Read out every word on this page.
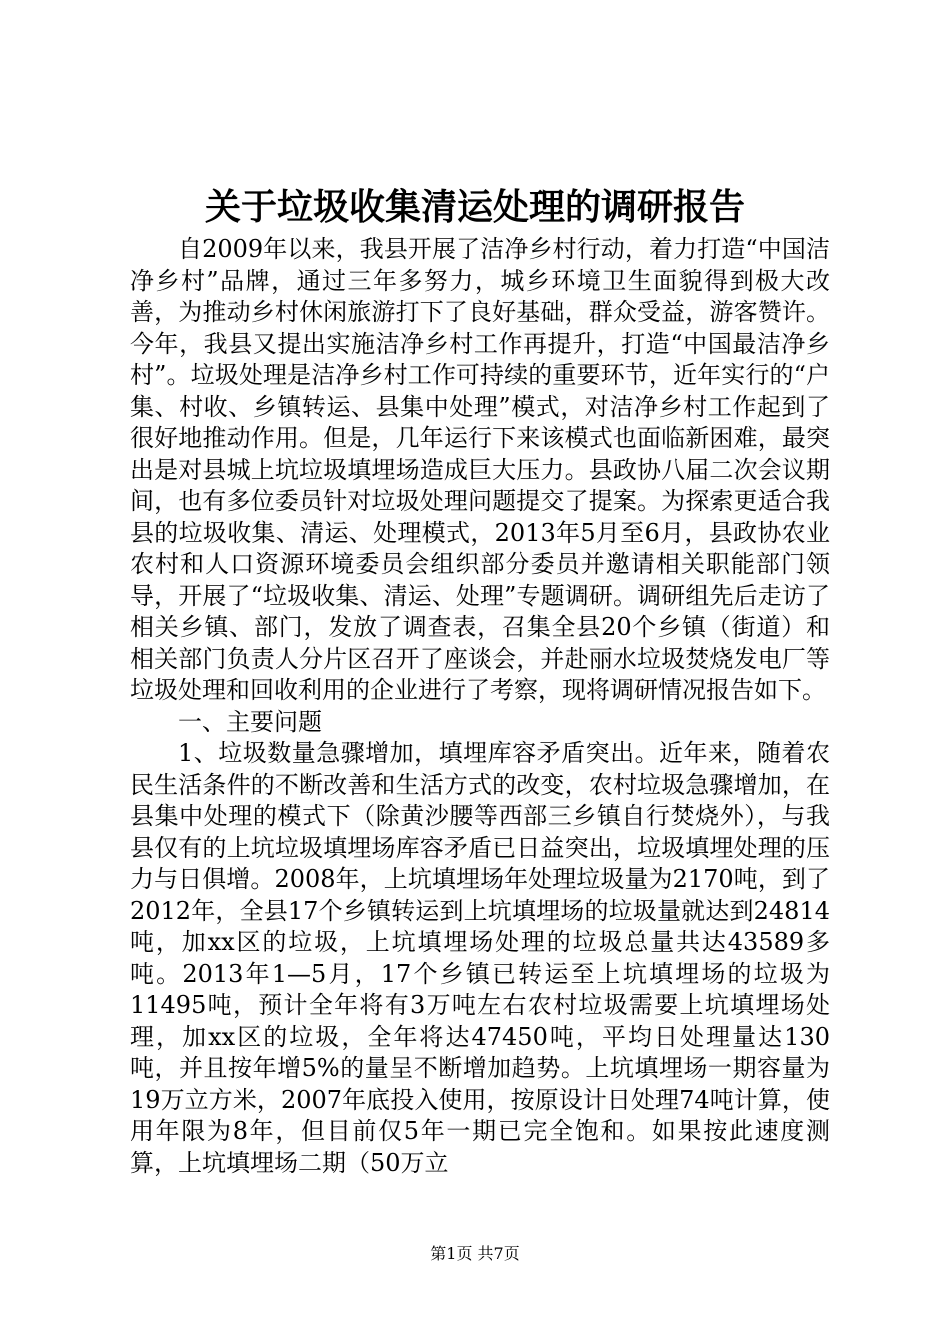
关于垃圾收集清运处理的调研报告

自2009年以来，我县开展了洁净乡村行动，着力打造“中国洁净乡村”品牌，通过三年多努力，城乡环境卫生面貌得到极大改善，为推动乡村休闲旅游打下了良好基础，群众受益，游客赞许。今年，我县又提出实施洁净乡村工作再提升，打造“中国最洁净乡村”。垃圾处理是洁净乡村工作可持续的重要环节，近年实行的“户集、村收、乡镇转运、县集中处理”模式，对洁净乡村工作起到了很好地推动作用。但是，几年运行下来该模式也面临新困难，最突出是对县城上坑垃圾填埋场造成巨大压力。县政协八届二次会议期间，也有多位委员针对垃圾处理问题提交了提案。为探索更适合我县的垃圾收集、清运、处理模式，2013年5月至6月，县政协农业农村和人口资源环境委员会组织部分委员并邀请相关职能部门领导，开展了“垃圾收集、清运、处理”专题调研。调研组先后走访了相关乡镇、部门，发放了调查表，召集全县20个乡镇（街道）和相关部门负责人分片区召开了座谈会，并赴丽水垃圾焚烧发电厂等垃圾处理和回收利用的企业进行了考察，现将调研情况报告如下。

一、主要问题

1、垃圾数量急骤增加，填埋库容矛盾突出。近年来，随着农民生活条件的不断改善和生活方式的改变，农村垃圾急骤增加，在县集中处理的模式下（除黄沙腰等西部三乡镇自行焚烧外），与我县仅有的上坑垃圾填埋场库容矛盾已日益突出，垃圾填埋处理的压力与日俱增。2008年，上坑填埋场年处理垃圾量为2170吨，到了2012年，全县17个乡镇转运到上坑填埋场的垃圾量就达到24814吨，加xx区的垃圾，上坑填埋场处理的垃圾总量共达43589多吨。2013年1—5月，17个乡镇已转运至上坑填埋场的垃圾为11495吨，预计全年将有3万吨左右农村垃圾需要上坑填埋场处理，加xx区的垃圾，全年将达47450吨，平均日处理量达130吨，并且按年增5%的量呈不断增加趋势。上坑填埋场一期容量为19万立方米，2007年底投入使用，按原设计日处理74吨计算，使用年限为8年，但目前仅5年一期已完全饱和。如果按此速度测算，上坑填埋场二期（50万立

第1页 共7页
